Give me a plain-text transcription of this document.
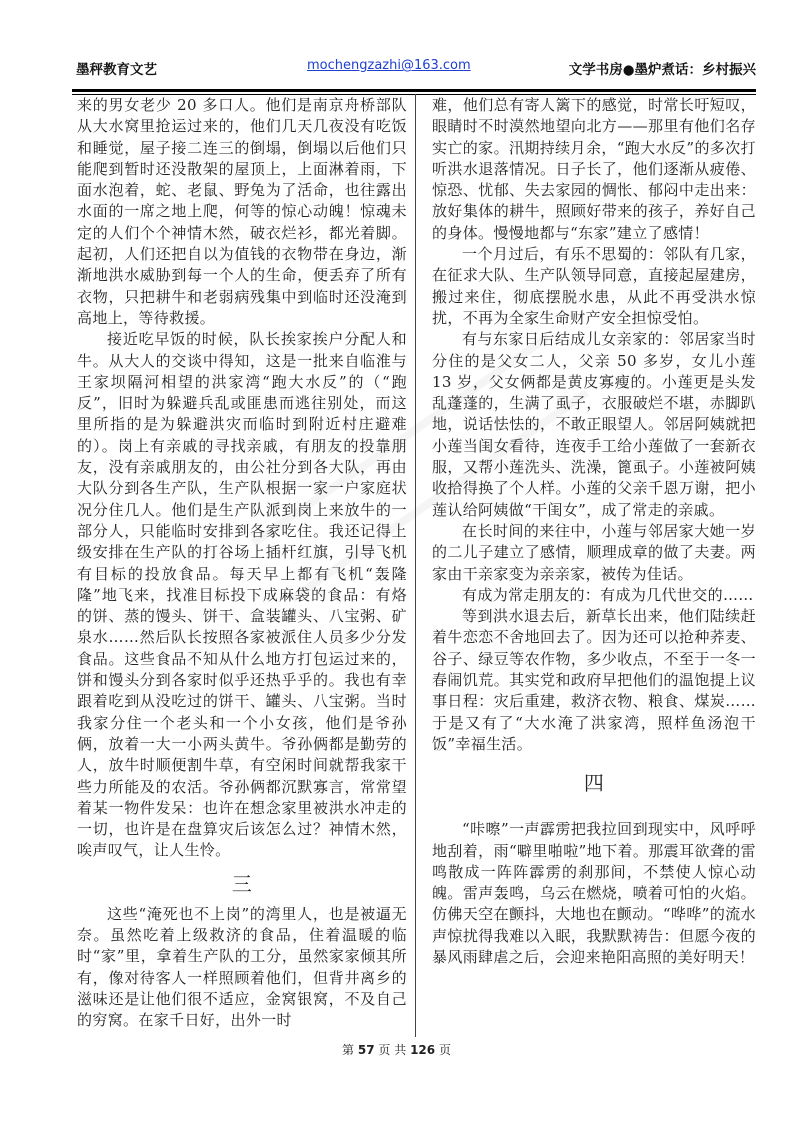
墨秤教育文艺	mochengzazhi@163.com	文学书房●墨炉煮话：乡村振兴

来的男女老少 20 多口人。他们是南京舟桥部队从大水窝里抢运过来的，他们几天几夜没有吃饭和睡觉，屋子接二连三的倒塌，倒塌以后他们只能爬到暂时还没散架的屋顶上，上面淋着雨，下面水泡着，蛇、老鼠、野兔为了活命，也往露出水面的一席之地上爬，何等的惊心动魄！惊魂未定的人们个个神情木然，破衣烂衫，都光着脚。起初，人们还把自以为值钱的衣物带在身边，渐渐地洪水威胁到每一个人的生命，便丢弃了所有衣物，只把耕牛和老弱病残集中到临时还没淹到高地上，等待救援。

接近吃早饭的时候，队长挨家挨户分配人和牛。从大人的交谈中得知，这是一批来自临淮与王家坝隔河相望的洪家湾“跑大水反”的（“跑反”，旧时为躲避兵乱或匪患而逃往别处，而这里所指的是为躲避洪灾而临时到附近村庄避难的）。岗上有亲戚的寻找亲戚，有朋友的投靠朋友，没有亲戚朋友的，由公社分到各大队，再由大队分到各生产队，生产队根据一家一户家庭状况分住几人。他们是生产队派到岗上来放牛的一部分人，只能临时安排到各家吃住。我还记得上级安排在生产队的打谷场上插杆红旗，引导飞机有目标的投放食品。每天早上都有飞机“轰隆隆”地飞来，找准目标投下成麻袋的食品：有烙的饼、蒸的馒头、饼干、盒装罐头、八宝粥、矿泉水……然后队长按照各家被派住人员多少分发食品。这些食品不知从什么地方打包运过来的，饼和馒头分到各家时似乎还热乎乎的。我也有幸跟着吃到从没吃过的饼干、罐头、八宝粥。当时我家分住一个老头和一个小女孩，他们是爷孙俩，放着一大一小两头黄牛。爷孙俩都是勤劳的人，放牛时顺便割牛草，有空闲时间就帮我家干些力所能及的农活。爷孙俩都沉默寡言，常常望着某一物件发呆：也许在想念家里被洪水冲走的一切，也许是在盘算灾后该怎么过？神情木然，唉声叹气，让人生怜。

三

这些“淹死也不上岗”的湾里人，也是被逼无奈。虽然吃着上级救济的食品，住着温暖的临时“家”里，拿着生产队的工分，虽然家家倾其所有，像对待客人一样照顾着他们，但背井离乡的滋味还是让他们很不适应，金窝银窝，不及自己的穷窝。在家千日好，出外一时

难，他们总有寄人篱下的感觉，时常长吁短叹，眼睛时不时漠然地望向北方——那里有他们名存实亡的家。汛期持续月余，“跑大水反”的多次打听洪水退落情况。日子长了，他们逐渐从疲倦、惊恐、忧郁、失去家园的惆怅、郁闷中走出来：放好集体的耕牛，照顾好带来的孩子，养好自己的身体。慢慢地都与“东家”建立了感情！

一个月过后，有乐不思蜀的：邻队有几家，在征求大队、生产队领导同意，直接起屋建房，搬过来住，彻底摆脱水患，从此不再受洪水惊扰，不再为全家生命财产安全担惊受怕。

有与东家日后结成儿女亲家的：邻居家当时分住的是父女二人，父亲 50 多岁，女儿小莲 13 岁，父女俩都是黄皮寡瘦的。小莲更是头发乱蓬蓬的，生满了虱子，衣服破烂不堪，赤脚趴地，说话怯怯的，不敢正眼望人。邻居阿姨就把小莲当闺女看待，连夜手工给小莲做了一套新衣服，又帮小莲洗头、洗澡，篦虱子。小莲被阿姨收拾得换了个人样。小莲的父亲千恩万谢，把小莲认给阿姨做“干闺女”，成了常走的亲戚。

在长时间的来往中，小莲与邻居家大她一岁的二儿子建立了感情，顺理成章的做了夫妻。两家由干亲家变为亲亲家，被传为佳话。

有成为常走朋友的：有成为几代世交的……

等到洪水退去后，新草长出来，他们陆续赶着牛恋恋不舍地回去了。因为还可以抢种荞麦、谷子、绿豆等农作物，多少收点，不至于一冬一春闹饥荒。其实党和政府早把他们的温饱提上议事日程：灾后重建，救济衣物、粮食、煤炭……于是又有了“大水淹了洪家湾，照样鱼汤泡干饭”幸福生活。

四

“咔嚓”一声霹雳把我拉回到现实中，风呼呼地刮着，雨“噼里啪啦”地下着。那震耳欲聋的雷鸣散成一阵阵霹雳的刹那间，不禁使人惊心动魄。雷声轰鸣，乌云在燃烧，喷着可怕的火焰。仿佛天空在颤抖，大地也在颤动。“哗哗”的流水声惊扰得我难以入眠，我默默祷告：但愿今夜的暴风雨肆虐之后，会迎来艳阳高照的美好明天！

第 57 页 共 126 页
